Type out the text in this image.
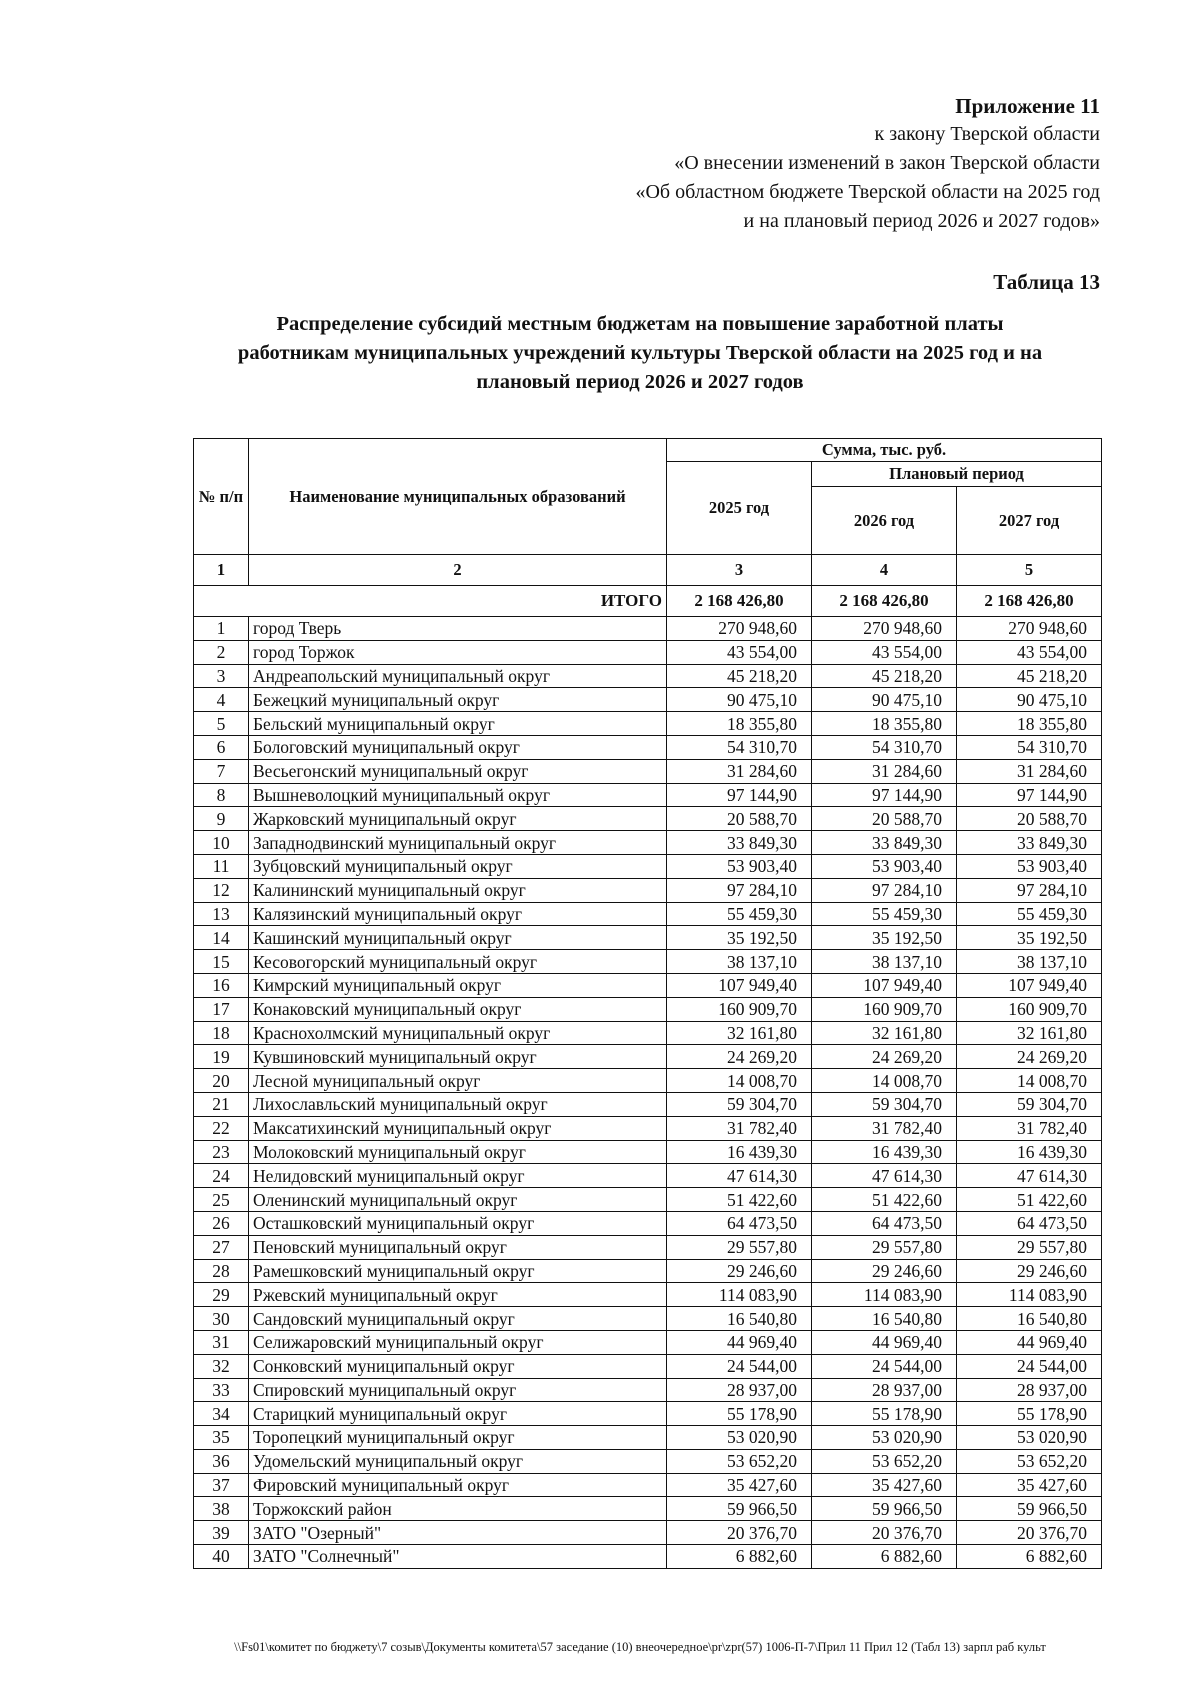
Приложение 11
к закону Тверской области
«О внесении изменений в закон Тверской области
«Об областном бюджете Тверской области на 2025 год
и на плановый период 2026 и 2027 годов»
Таблица 13
Распределение субсидий местным бюджетам на повышение заработной платы
работникам муниципальных учреждений культуры Тверской области на 2025 год и на
плановый период 2026 и 2027 годов
№ п/п	Наименование муниципальных образований	Сумма, тыс. руб.		
		2025 год	Плановый период	
			2026 год	2027 год
1	2	3	4	5
ИТОГО		2 168 426,80	2 168 426,80	2 168 426,80
1	город Тверь	270 948,60	270 948,60	270 948,60
2	город Торжок	43 554,00	43 554,00	43 554,00
3	Андреапольский муниципальный округ	45 218,20	45 218,20	45 218,20
4	Бежецкий муниципальный округ	90 475,10	90 475,10	90 475,10
5	Бельский муниципальный округ	18 355,80	18 355,80	18 355,80
6	Бологовский муниципальный округ	54 310,70	54 310,70	54 310,70
7	Весьегонский муниципальный округ	31 284,60	31 284,60	31 284,60
8	Вышневолоцкий муниципальный округ	97 144,90	97 144,90	97 144,90
9	Жарковский муниципальный округ	20 588,70	20 588,70	20 588,70
10	Западнодвинский муниципальный округ	33 849,30	33 849,30	33 849,30
11	Зубцовский муниципальный округ	53 903,40	53 903,40	53 903,40
12	Калининский муниципальный округ	97 284,10	97 284,10	97 284,10
13	Калязинский муниципальный округ	55 459,30	55 459,30	55 459,30
14	Кашинский муниципальный округ	35 192,50	35 192,50	35 192,50
15	Кесовогорский муниципальный округ	38 137,10	38 137,10	38 137,10
16	Кимрский муниципальный округ	107 949,40	107 949,40	107 949,40
17	Конаковский муниципальный округ	160 909,70	160 909,70	160 909,70
18	Краснохолмский муниципальный округ	32 161,80	32 161,80	32 161,80
19	Кувшиновский муниципальный округ	24 269,20	24 269,20	24 269,20
20	Лесной муниципальный округ	14 008,70	14 008,70	14 008,70
21	Лихославльский муниципальный округ	59 304,70	59 304,70	59 304,70
22	Максатихинский муниципальный округ	31 782,40	31 782,40	31 782,40
23	Молоковский муниципальный округ	16 439,30	16 439,30	16 439,30
24	Нелидовский муниципальный округ	47 614,30	47 614,30	47 614,30
25	Оленинский муниципальный округ	51 422,60	51 422,60	51 422,60
26	Осташковский муниципальный округ	64 473,50	64 473,50	64 473,50
27	Пеновский муниципальный округ	29 557,80	29 557,80	29 557,80
28	Рамешковский муниципальный округ	29 246,60	29 246,60	29 246,60
29	Ржевский муниципальный округ	114 083,90	114 083,90	114 083,90
30	Сандовский муниципальный округ	16 540,80	16 540,80	16 540,80
31	Селижаровский муниципальный округ	44 969,40	44 969,40	44 969,40
32	Сонковский муниципальный округ	24 544,00	24 544,00	24 544,00
33	Спировский муниципальный округ	28 937,00	28 937,00	28 937,00
34	Старицкий муниципальный округ	55 178,90	55 178,90	55 178,90
35	Торопецкий муниципальный округ	53 020,90	53 020,90	53 020,90
36	Удомельский муниципальный округ	53 652,20	53 652,20	53 652,20
37	Фировский муниципальный округ	35 427,60	35 427,60	35 427,60
38	Торжокский район	59 966,50	59 966,50	59 966,50
39	ЗАТО "Озерный"	20 376,70	20 376,70	20 376,70
40	ЗАТО "Солнечный"	6 882,60	6 882,60	6 882,60
\\Fs01\комитет по бюджету\7 созыв\Документы комитета\57 заседание (10) внеочередное\pr\zpr(57) 1006-П-7\Прил 11 Прил 12 (Табл 13) зарпл раб культ
